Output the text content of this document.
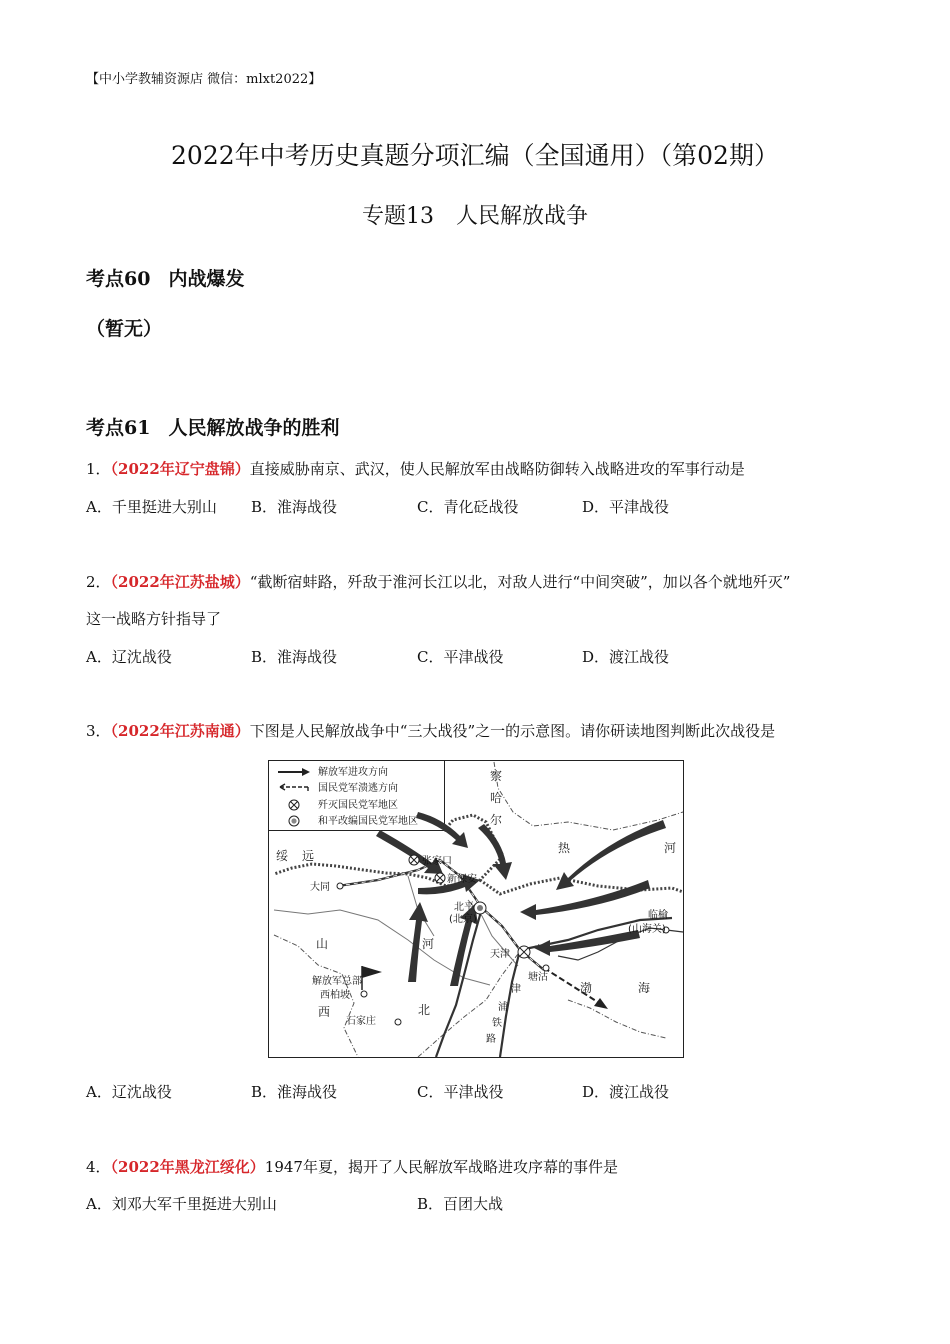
【中小学教辅资源店 微信：mlxt2022】
2022年中考历史真题分项汇编（全国通用）（第02期）
专题13　人民解放战争
考点60 内战爆发
（暂无）
考点61 人民解放战争的胜利
1．（2022年辽宁盘锦）直接威胁南京、武汉，使人民解放军由战略防御转入战略进攻的军事行动是
A．千里挺进大别山 B．淮海战役	C．青化砭战役	D．平津战役
2．（2022年江苏盐城）“截断宿蚌路，歼敌于淮河长江以北，对敌人进行“中间突破”，加以各个就地歼灭”
这一战略方针指导了
A．辽沈战役	B．淮海战役	C．平津战役	D．渡江战役
3．（2022年江苏南通）下图是人民解放战争中“三大战役”之一的示意图。请你研读地图判断此次战役是
解放军进攻方向
国民党军溃逃方向
歼灭国民党军地区
和平改编国民党军地区
察
哈
尔
绥 远
热	河
山
西
河
北
渤	海
津
浦
铁
路
张家口
新保安
大同
北平
(北京)
天津
塘沽
临榆
(山海关)
解放军总部
西柏坡
石家庄
A．辽沈战役	B．淮海战役	C．平津战役	D．渡江战役
4．（2022年黑龙江绥化）1947年夏，揭开了人民解放军战略进攻序幕的事件是
A．刘邓大军千里挺进大别山	B．百团大战
